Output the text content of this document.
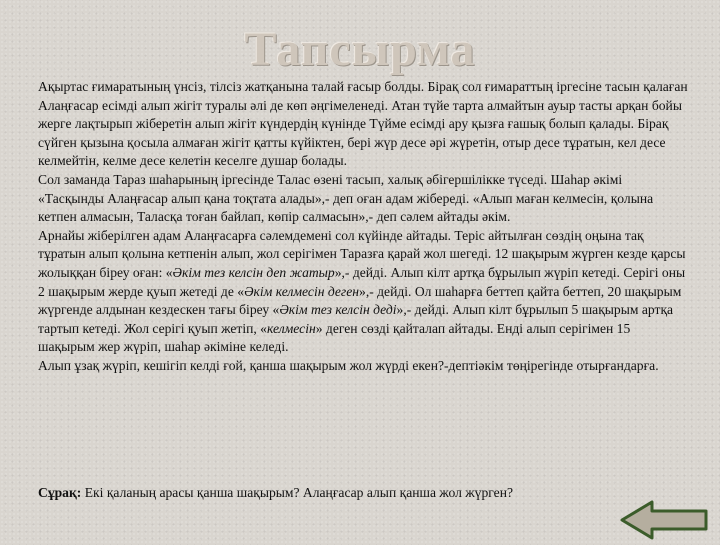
Тапсырма

Ақыртас ғимаратының үнсіз, тілсіз жатқанына талай ғасыр болды. Бірақ сол ғимараттың іргесіне тасын қалаған Алаңғасар есімді алып жігіт туралы әлі де көп әңгімеленеді. Атан түйе тарта алмайтын ауыр тасты арқан бойы жерге лақтырып жіберетін алып жігіт күндердің күнінде Түйме есімді ару қызға ғашық болып қалады. Бірақ сүйген қызына қосыла алмаған жігіт қатты күйіктен, бері жүр десе әрі жүретін, отыр десе тұратын, кел десе келмейтін, келме десе келетін кеселге душар болады.

Сол заманда Тараз шаһарының іргесінде Талас өзені тасып, халық әбігершілікке түседі. Шаһар әкімі «Тасқынды Алаңғасар алып қана тоқтата алады»,- деп оған адам жібереді. «Алып маған келмесін, қолына кетпен алмасын, Таласқа тоған байлап, көпір салмасын»,- деп сәлем айтады әкім.

Арнайы жіберілген адам Алаңғасарға сәлемдемені сол күйінде айтады. Теріс айтылған сөздің оңына тақ тұратын алып қолына кетпенін алып, жол серігімен Таразға қарай жол шегеді. 12 шақырым жүрген кезде қарсы жолыққан біреу оған: «Әкім тез келсін деп жатыр»,- дейді. Алып кілт артқа бұрылып жүріп кетеді. Серігі оны 2 шақырым жерде қуып жетеді де «Әкім келмесін деген»,- дейді. Ол шаһарға беттеп қайта беттеп, 20 шақырым жүргенде алдынан кездескен тағы біреу «Әкім тез келсін деді»,- дейді. Алып кілт бұрылып 5 шақырым артқа тартып кетеді. Жол серігі қуып жетіп, «келмесін» деген сөзді қайталап айтады. Енді алып серігімен 15 шақырым жер жүріп, шаһар әкіміне келеді.

Алып ұзақ жүріп, кешігіп келді ғой, қанша шақырым жол жүрді екен?-дептіәкім төңірегінде отырғандарға.

Сұрақ: Екі қаланың арасы қанша шақырым? Алаңғасар алып қанша жол жүрген?
